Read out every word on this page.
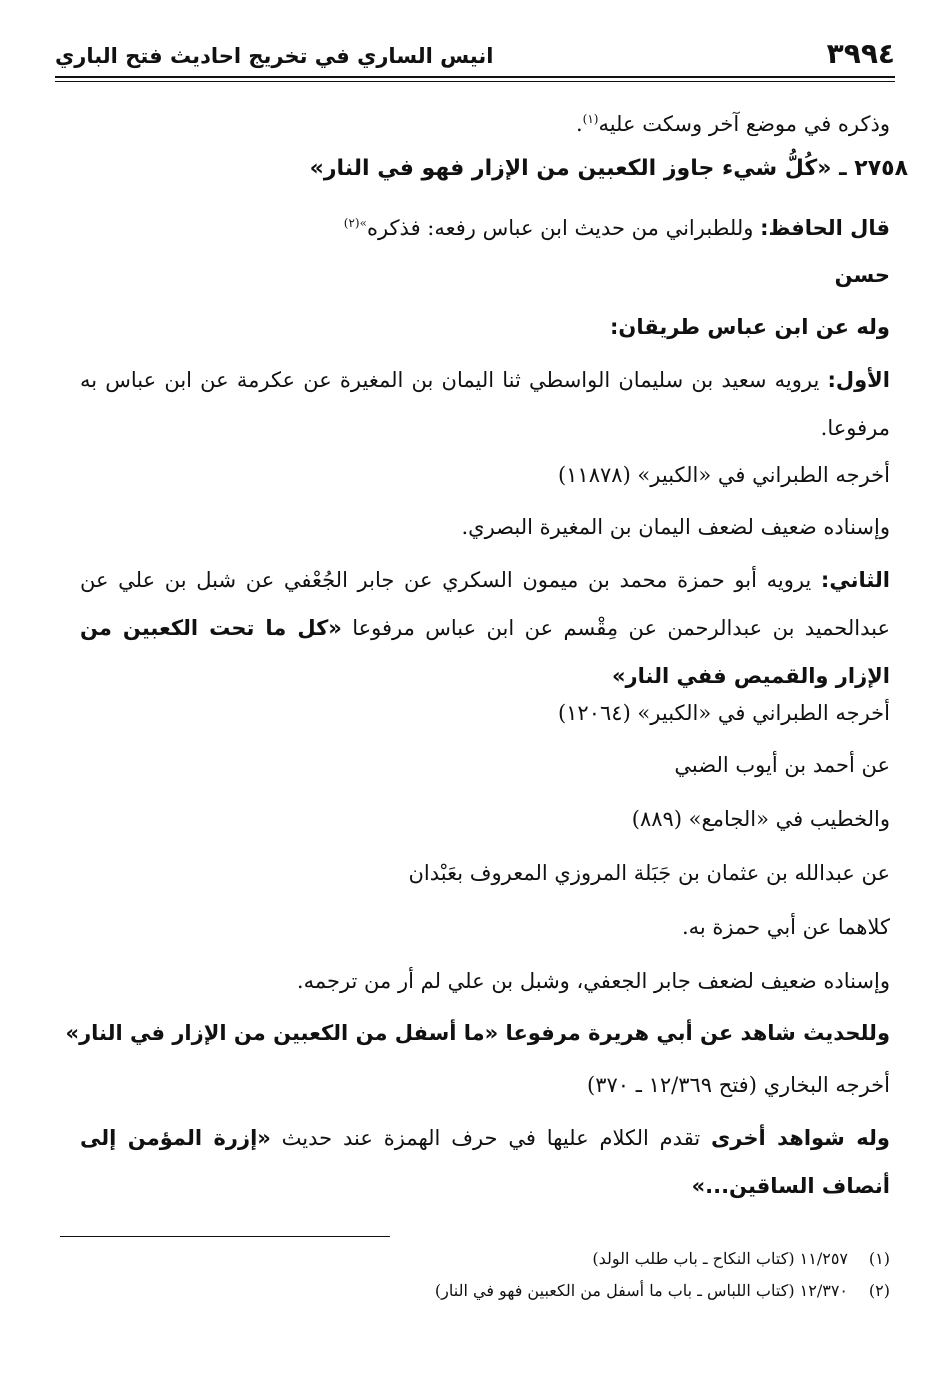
٣٩٩٤
انيس الساري في تخريج احاديث فتح الباري
وذكره في موضع آخر وسكت عليه$^{(١)}$.
٢٧٥٨ ـ «كُلُّ شيء جاوز الكعبين من الإزار فهو في النار»
قال الحافظ: وللطبراني من حديث ابن عباس رفعه: فذكره$^{»(٢)}$
حسن
وله عن ابن عباس طريقان:
الأول: يرويه سعيد بن سليمان الواسطي ثنا اليمان بن المغيرة عن عكرمة عن ابن عباس به مرفوعا.
أخرجه الطبراني في «الكبير» (١١٨٧٨)
وإسناده ضعيف لضعف اليمان بن المغيرة البصري.
الثاني: يرويه أبو حمزة محمد بن ميمون السكري عن جابر الجُعْفي عن شبل بن علي عن عبدالحميد بن عبدالرحمن عن مِقْسم عن ابن عباس مرفوعا «كل ما تحت الكعبين من الإزار والقميص ففي النار»
أخرجه الطبراني في «الكبير» (١٢٠٦٤)
عن أحمد بن أيوب الضبي
والخطيب في «الجامع» (٨٨٩)
عن عبدالله بن عثمان بن جَبَلة المروزي المعروف بعَبْدان
كلاهما عن أبي حمزة به.
وإسناده ضعيف لضعف جابر الجعفي، وشبل بن علي لم أر من ترجمه.
وللحديث شاهد عن أبي هريرة مرفوعا «ما أسفل من الكعبين من الإزار في النار»
أخرجه البخاري (فتح ١٢/٣٦٩ ـ ٣٧٠)
وله شواهد أخرى تقدم الكلام عليها في حرف الهمزة عند حديث «إزرة المؤمن إلى أنصاف الساقين...»
(١)١١/٢٥٧ (كتاب النكاح ـ باب طلب الولد)
(٢)١٢/٣٧٠ (كتاب اللباس ـ باب ما أسفل من الكعبين فهو في النار)
